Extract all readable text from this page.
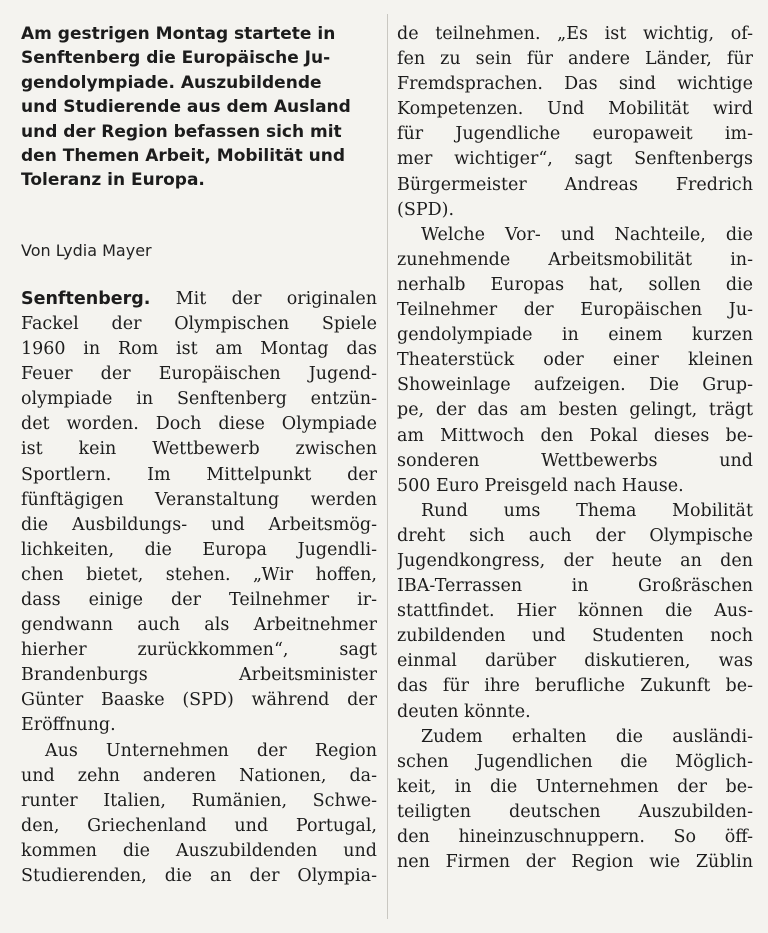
Am gestrigen Montag startete in
Senftenberg die Europäische Ju-
gendolympiade. Auszubildende
und Studierende aus dem Ausland
und der Region befassen sich mit
den Themen Arbeit, Mobilität und
Toleranz in Europa.

Von Lydia Mayer

Senftenberg. Mit der originalen
Fackel der Olympischen Spiele
1960 in Rom ist am Montag das
Feuer der Europäischen Jugend-
olympiade in Senftenberg entzün-
det worden. Doch diese Olympiade
ist kein Wettbewerb zwischen
Sportlern. Im Mittelpunkt der
fünftägigen Veranstaltung werden
die Ausbildungs- und Arbeitsmög-
lichkeiten, die Europa Jugendli-
chen bietet, stehen. „Wir hoffen,
dass einige der Teilnehmer ir-
gendwann auch als Arbeitnehmer
hierher zurückkommen“, sagt
Brandenburgs Arbeitsminister
Günter Baaske (SPD) während der
Eröffnung.
Aus Unternehmen der Region
und zehn anderen Nationen, da-
runter Italien, Rumänien, Schwe-
den, Griechenland und Portugal,
kommen die Auszubildenden und
Studierenden, die an der Olympia-
de teilnehmen. „Es ist wichtig, of-
fen zu sein für andere Länder, für
Fremdsprachen. Das sind wichtige
Kompetenzen. Und Mobilität wird
für Jugendliche europaweit im-
mer wichtiger“, sagt Senftenbergs
Bürgermeister Andreas Fredrich
(SPD).
Welche Vor- und Nachteile, die
zunehmende Arbeitsmobilität in-
nerhalb Europas hat, sollen die
Teilnehmer der Europäischen Ju-
gendolympiade in einem kurzen
Theaterstück oder einer kleinen
Showeinlage aufzeigen. Die Grup-
pe, der das am besten gelingt, trägt
am Mittwoch den Pokal dieses be-
sonderen Wettbewerbs und
500 Euro Preisgeld nach Hause.
Rund ums Thema Mobilität
dreht sich auch der Olympische
Jugendkongress, der heute an den
IBA-Terrassen in Großräschen
stattfindet. Hier können die Aus-
zubildenden und Studenten noch
einmal darüber diskutieren, was
das für ihre berufliche Zukunft be-
deuten könnte.
Zudem erhalten die ausländi-
schen Jugendlichen die Möglich-
keit, in die Unternehmen der be-
teiligten deutschen Auszubilden-
den hineinzuschnuppern. So öff-
nen Firmen der Region wie Züblin
